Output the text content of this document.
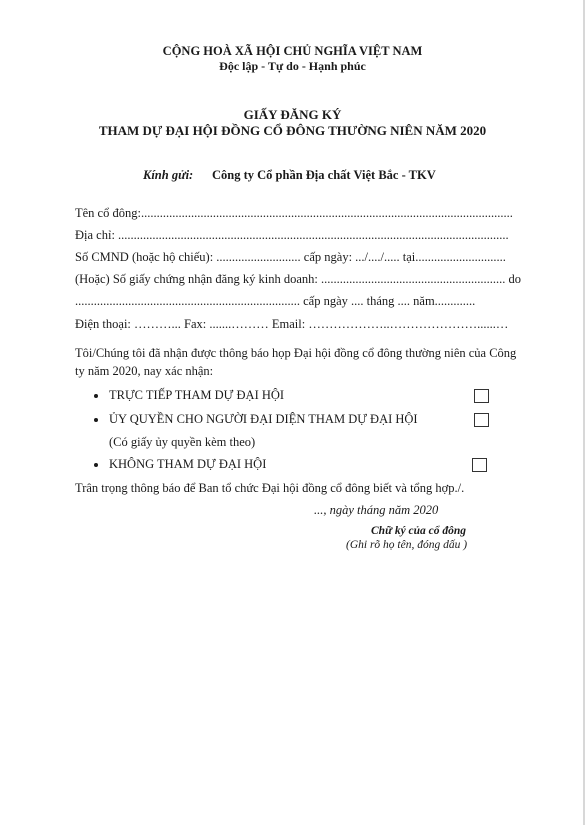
CỘNG HOÀ XÃ HỘI CHỦ NGHĨA VIỆT NAM
Độc lập - Tự do - Hạnh phúc
GIẤY ĐĂNG KÝ
THAM DỰ ĐẠI HỘI ĐỒNG CỔ ĐÔNG THƯỜNG NIÊN NĂM 2020
Kính gửi: Công ty Cổ phần Địa chất Việt Bắc - TKV
Tên cổ đông:.......................................................................................................................
Địa chỉ: .............................................................................................................................
Số CMND (hoặc hộ chiếu): ........................... cấp ngày: .../..../..... tại.............................
(Hoặc) Số giấy chứng nhận đăng ký kinh doanh: ........................................................... do
........................................................................ cấp ngày .... tháng .... năm.............
Điện thoại: ………... Fax: .......……… Email: ………………..…………………......…
Tôi/Chúng tôi đã nhận được thông báo họp Đại hội đồng cổ đông thường niên của Công
ty năm 2020, nay xác nhận:
TRỰC TIẾP THAM DỰ ĐẠI HỘI
ỦY QUYỀN CHO NGƯỜI ĐẠI DIỆN THAM DỰ ĐẠI HỘI
(Có giấy ủy quyền kèm theo)
KHÔNG THAM DỰ ĐẠI HỘI
Trân trọng thông báo để Ban tổ chức Đại hội đồng cổ đông biết và tổng hợp./.
..., ngày tháng năm 2020
Chữ ký của cổ đông
(Ghi rõ họ tên, đóng dấu )
